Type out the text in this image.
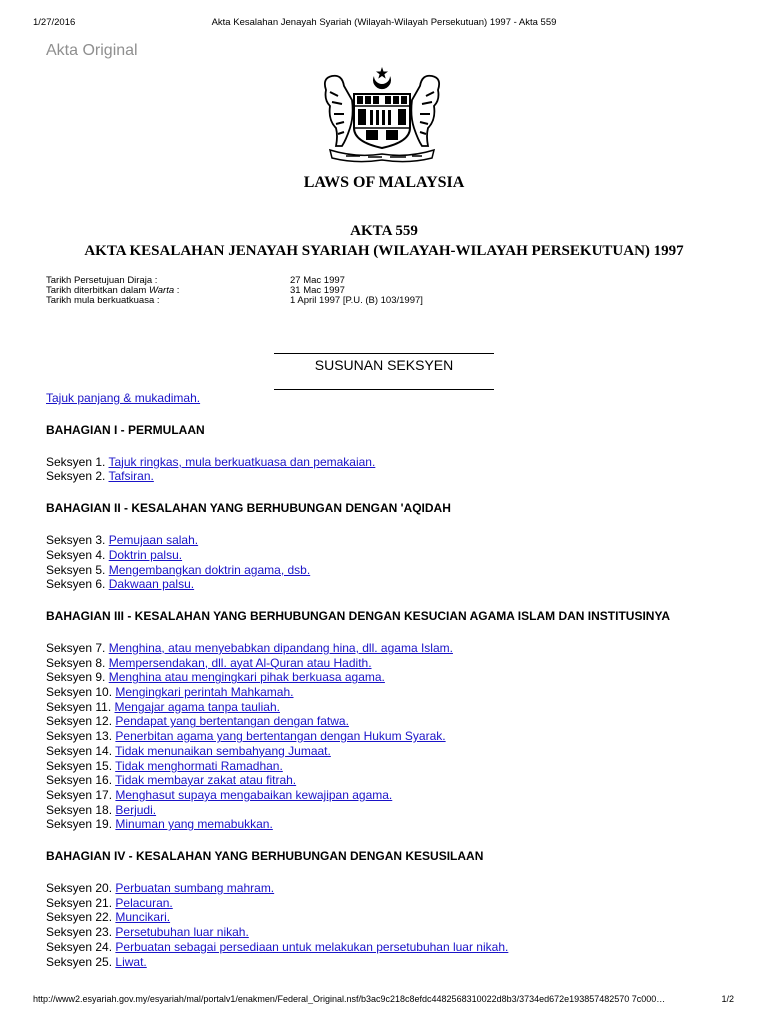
1/27/2016	Akta Kesalahan Jenayah Syariah (Wilayah-Wilayah Persekutuan) 1997 - Akta 559
Akta Original
LAWS OF MALAYSIA
AKTA 559
AKTA KESALAHAN JENAYAH SYARIAH (WILAYAH-WILAYAH PERSEKUTUAN) 1997
Tarikh Persetujuan Diraja :	27 Mac 1997
Tarikh diterbitkan dalam Warta :	31 Mac 1997
Tarikh mula berkuatkuasa :	1 April 1997 [P.U. (B) 103/1997]
SUSUNAN SEKSYEN

Tajuk panjang & mukadimah.

BAHAGIAN I - PERMULAAN
Seksyen 1. Tajuk ringkas, mula berkuatkuasa dan pemakaian.
Seksyen 2. Tafsiran.
BAHAGIAN II - KESALAHAN YANG BERHUBUNGAN DENGAN 'AQIDAH
Seksyen 3. Pemujaan salah.
Seksyen 4. Doktrin palsu.
Seksyen 5. Mengembangkan doktrin agama, dsb.
Seksyen 6. Dakwaan palsu.
BAHAGIAN III - KESALAHAN YANG BERHUBUNGAN DENGAN KESUCIAN AGAMA ISLAM DAN INSTITUSINYA
Seksyen 7. Menghina, atau menyebabkan dipandang hina, dll. agama Islam.
Seksyen 8. Mempersendakan, dll. ayat Al-Quran atau Hadith.
Seksyen 9. Menghina atau mengingkari pihak berkuasa agama.
Seksyen 10. Mengingkari perintah Mahkamah.
Seksyen 11. Mengajar agama tanpa tauliah.
Seksyen 12. Pendapat yang bertentangan dengan fatwa.
Seksyen 13. Penerbitan agama yang bertentangan dengan Hukum Syarak.
Seksyen 14. Tidak menunaikan sembahyang Jumaat.
Seksyen 15. Tidak menghormati Ramadhan.
Seksyen 16. Tidak membayar zakat atau fitrah.
Seksyen 17. Menghasut supaya mengabaikan kewajipan agama.
Seksyen 18. Berjudi.
Seksyen 19. Minuman yang memabukkan.
BAHAGIAN IV - KESALAHAN YANG BERHUBUNGAN DENGAN KESUSILAAN
Seksyen 20. Perbuatan sumbang mahram.
Seksyen 21. Pelacuran.
Seksyen 22. Muncikari.
Seksyen 23. Persetubuhan luar nikah.
Seksyen 24. Perbuatan sebagai persediaan untuk melakukan persetubuhan luar nikah.
Seksyen 25. Liwat.
http://www2.esyariah.gov.my/esyariah/mal/portalv1/enakmen/Federal_Original.nsf/b3ac9c218c8efdc4482568310022d8b3/3734ed672e193857482570 7c000…	1/2
